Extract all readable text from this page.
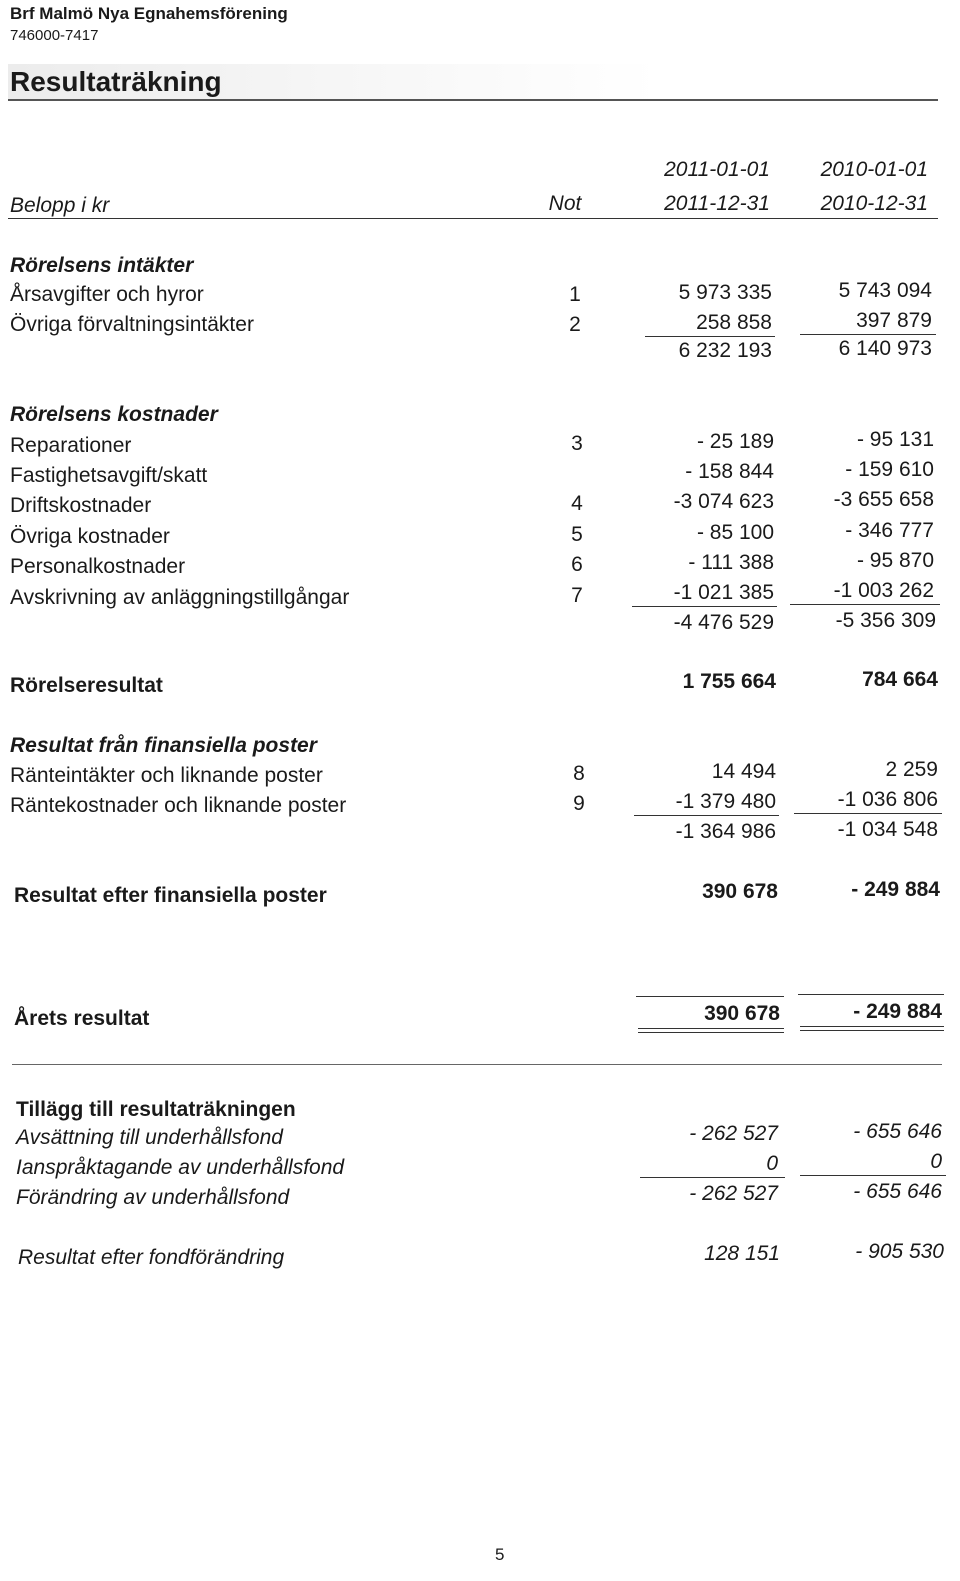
Brf Malmö Nya Egnahemsförening
746000-7417
Resultaträkning
2011-01-01	2010-01-01
Belopp i kr	Not	2011-12-31	2010-12-31
Rörelsens intäkter
Årsavgifter och hyror	1	5 973 335	5 743 094
Övriga förvaltningsintäkter	2	258 858	397 879
6 232 193	6 140 973
Rörelsens kostnader
Reparationer	3	- 25 189	- 95 131
Fastighetsavgift/skatt	- 158 844	- 159 610
Driftskostnader	4	-3 074 623	-3 655 658
Övriga kostnader	5	- 85 100	- 346 777
Personalkostnader	6	- 111 388	- 95 870
Avskrivning av anläggningstillgångar	7	-1 021 385	-1 003 262
-4 476 529	-5 356 309
Rörelseresultat	1 755 664	784 664
Resultat från finansiella poster
Ränteintäkter och liknande poster	8	14 494	2 259
Räntekostnader och liknande poster	9	-1 379 480	-1 036 806
-1 364 986	-1 034 548
Resultat efter finansiella poster	390 678	- 249 884
Årets resultat	390 678	- 249 884
Tillägg till resultaträkningen
Avsättning till underhållsfond	- 262 527	- 655 646
Ianspråktagande av underhållsfond	0	0
Förändring av underhållsfond	- 262 527	- 655 646
Resultat efter fondförändring	128 151	- 905 530
5
